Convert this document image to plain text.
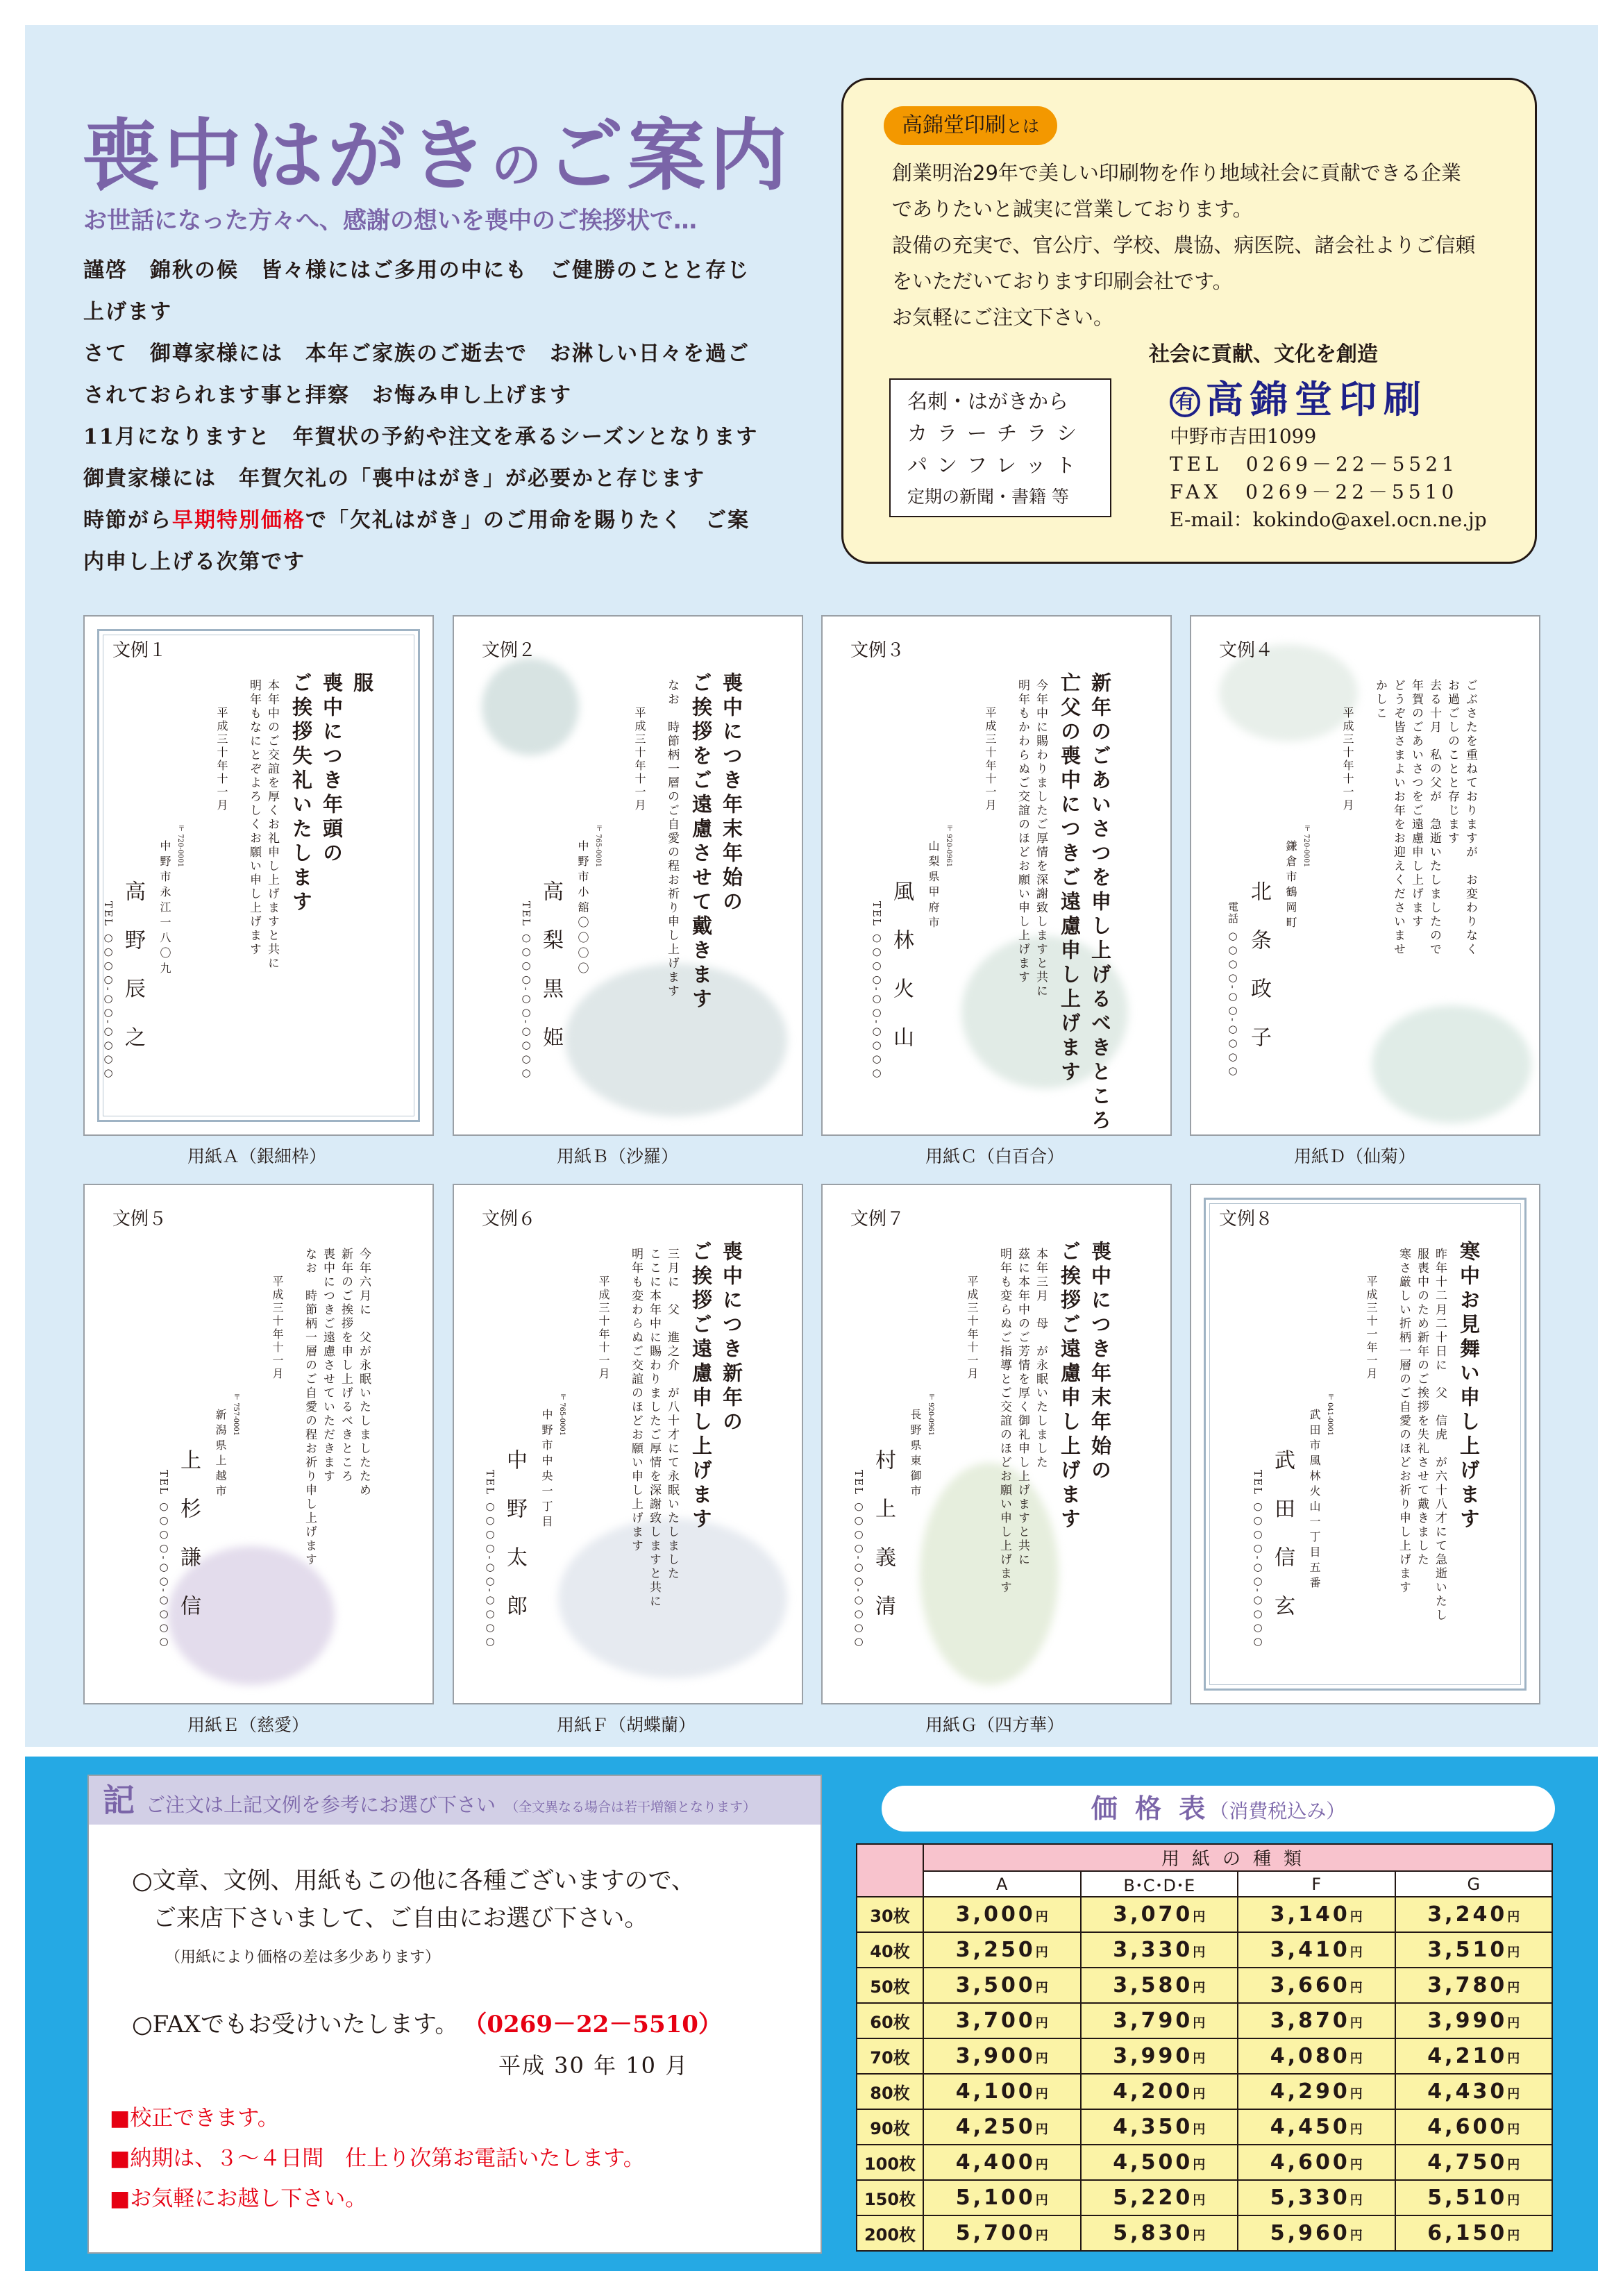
喪中はがきのご案内
お世話になった方々へ、感謝の想いを喪中のご挨拶状で…

謹啓　錦秋の候　皆々様にはご多用の中にも　ご健勝のことと存じ

上げます

さて　御尊家様には　本年ご家族のご逝去で　お淋しい日々を過ご

されておられます事と拝察　お悔み申し上げます

11月になりますと　年賀状の予約や注文を承るシーズンとなります

御貴家様には　年賀欠礼の「喪中はがき」が必要かと存じます

時節がら早期特別価格で「欠礼はがき」のご用命を賜りたく　ご案

内申し上げる次第です

高錦堂印刷とは
創業明治29年で美しい印刷物を作り地域社会に貢献できる企業
でありたいと誠実に営業しております。
設備の充実で、官公庁、学校、農協、病医院、諸会社よりご信頼
をいただいております印刷会社です。
お気軽にご注文下さい。
社会に貢献、文化を創造
名刺・はがきから
カラーチラシ
パンフレット
定期の新聞・書籍 等
有 高錦堂印刷
中野市吉田1099
TEL　0269－22－5521
FAX　0269－22－5510
E-mail：kokindo@axel.ocn.ne.jp
文例１
服
喪中につき年頭の
ご挨拶失礼いたします
本年中のご交誼を厚くお礼申し上げますと共に
明年もなにとぞよろしくお願い申し上げます
平成三十年十一月
〒 720-0001
中野市永江一八〇九
高野辰之
TEL ○○○○-○○-○○○○
用紙Ａ（銀細枠）
文例２
喪中につき年末年始の
ご挨拶をご遠慮させて戴きます
なお　時節柄一層のご自愛の程お祈り申し上げます
平成三十年十一月
〒 765-0001
中野市小舘〇〇〇〇
高梨黒姫
TEL ○○○○-○○-○○○○
用紙Ｂ（沙羅）
文例３
新年のごあいさつを申し上げるべきところ
亡父の喪中につきご遠慮申し上げます
今年中に賜わりましたご厚情を深謝致しますと共に
明年もかわらぬご交誼のほどお願い申し上げます
平成三十年十一月
〒 920-0961
山梨県甲府市
風林火山
TEL ○○○○-○○-○○○○
用紙Ｃ（白百合）
文例４
ごぶさたを重ねておりますが　お変わりなく
お過ごしのことと存じます
去る十月　私の父が　急逝いたしましたので
年賀のごあいさつをご遠慮申し上げます
どうぞ皆さまよいお年をお迎えくださいませ
かしこ
平成三十年十一月
〒 720-0001
鎌倉市鶴岡町
北条政子
電話 ○○○○-○○-○○○○
用紙Ｄ（仙菊）
文例５
今年六月に　父が永眠いたしましたため
新年のご挨拶を申し上げるべきところ
喪中につきご遠慮させていただきます
なお　時節柄一層のご自愛の程お祈り申し上げます
平成三十年十一月
〒 757-0001
新潟県上越市
上杉謙信
TEL ○○○○-○○-○○○○
用紙Ｅ（慈愛）
文例６
喪中につき新年の
ご挨拶ご遠慮申し上げます
三月に　父　進之介　が八十才にて永眠いたしました
ここに本年中に賜わりましたご厚情を深謝致しますと共に
明年も変わらぬご交誼のほどお願い申し上げます
平成三十年十一月
〒 765-0001
中野市中央一丁目
中野太郎
TEL ○○○○-○○-○○○○
用紙Ｆ（胡蝶蘭）
文例７
喪中につき年末年始の
ご挨拶ご遠慮申し上げます
本年三月　母　が永眠いたしました
茲に本年中のご芳情を厚く御礼申し上げますと共に
明年も変らぬご指導とご交誼のほどお願い申し上げます
平成三十年十一月
〒 920-0961
長野県東御市
村上義清
TEL ○○○○-○○-○○○○
用紙Ｇ（四方華）
文例８
寒中お見舞い申し上げます
昨年十二月二十日に　父　信虎　が六十八才にて急逝いたし
服喪中のため新年のご挨拶を失礼させて戴きました
寒さ厳しい折柄一層のご自愛のほどお祈り申し上げます
平成三十一年一月
〒 041-0001
武田市風林火山一丁目五番
武田信玄
TEL ○○○○-○○-○○○○
記ご注文は上記文例を参考にお選び下さい （全文異なる場合は若干増額となります）
○文章、文例、用紙もこの他に各種ございますので、
ご来店下さいまして、ご自由にお選び下さい。
（用紙により価格の差は多少あります）
○FAXでもお受けいたします。 （0269－22－5510）
平成 30 年 10 月
■校正できます。
■納期は、３～４日間　仕上り次第お電話いたします。
■お気軽にお越し下さい。
価 格 表（消費税込み）
	用紙の種類			
	A	B･C･D･E	F	G
30枚	3,000円	3,070円	3,140円	3,240円
40枚	3,250円	3,330円	3,410円	3,510円
50枚	3,500円	3,580円	3,660円	3,780円
60枚	3,700円	3,790円	3,870円	3,990円
70枚	3,900円	3,990円	4,080円	4,210円
80枚	4,100円	4,200円	4,290円	4,430円
90枚	4,250円	4,350円	4,450円	4,600円
100枚	4,400円	4,500円	4,600円	4,750円
150枚	5,100円	5,220円	5,330円	5,510円
200枚	5,700円	5,830円	5,960円	6,150円
